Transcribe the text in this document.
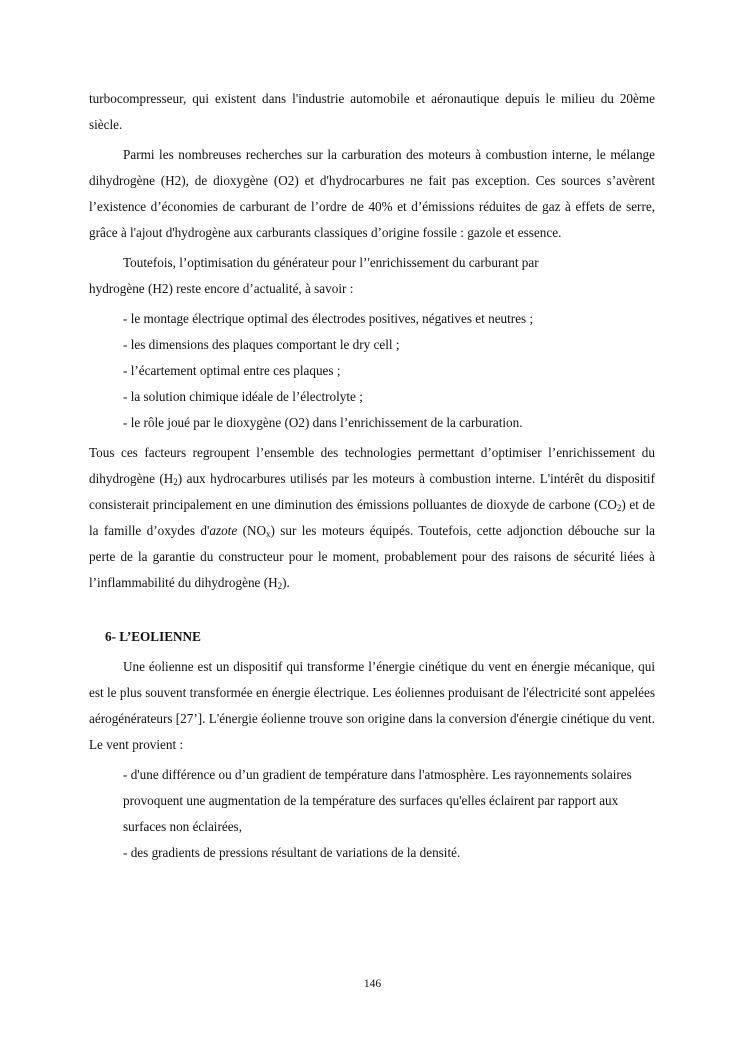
turbocompresseur, qui existent dans l'industrie automobile et aéronautique depuis le milieu du 20ème siècle.

Parmi les nombreuses recherches sur la carburation des moteurs à combustion interne, le mélange dihydrogène (H2), de dioxygène (O2) et d'hydrocarbures ne fait pas exception. Ces sources s’avèrent l’existence d’économies de carburant de l’ordre de 40% et d’émissions réduites de gaz à effets de serre, grâce à l'ajout d'hydrogène aux carburants classiques d’origine fossile : gazole et essence.

Toutefois, l’optimisation du générateur pour l’'enrichissement du carburant par

hydrogène (H2) reste encore d’actualité, à savoir :

- le montage électrique optimal des électrodes positives, négatives et neutres ;
- les dimensions des plaques comportant le dry cell ;
- l’écartement optimal entre ces plaques ;
- la solution chimique idéale de l’électrolyte ;
- le rôle joué par le dioxygène (O2) dans l’enrichissement de la carburation.

Tous ces facteurs regroupent l’ensemble des technologies permettant d’optimiser l’enrichissement du dihydrogène $(H_2)$ aux hydrocarbures utilisés par les moteurs à combustion interne. L'intérêt du dispositif consisterait principalement en une diminution des émissions polluantes de dioxyde de carbone $(CO_2)$ et de la famille d’oxydes d'azote $(NO_x)$ sur les moteurs équipés. Toutefois, cette adjonction débouche sur la perte de la garantie du constructeur pour le moment, probablement pour des raisons de sécurité liées à l’inflammabilité du dihydrogène $(H_2)$.

6- L’EOLIENNE

Une éolienne est un dispositif qui transforme l’énergie cinétique du vent en énergie mécanique, qui est le plus souvent transformée en énergie électrique. Les éoliennes produisant de l'électricité sont appelées aérogénérateurs [27’]. L'énergie éolienne trouve son origine dans la conversion d'énergie cinétique du vent. Le vent provient :

- d'une différence ou d’un gradient de température dans l'atmosphère. Les rayonnements solaires provoquent une augmentation de la température des surfaces qu'elles éclairent par rapport aux surfaces non éclairées,

- des gradients de pressions résultant de variations de la densité.
146
